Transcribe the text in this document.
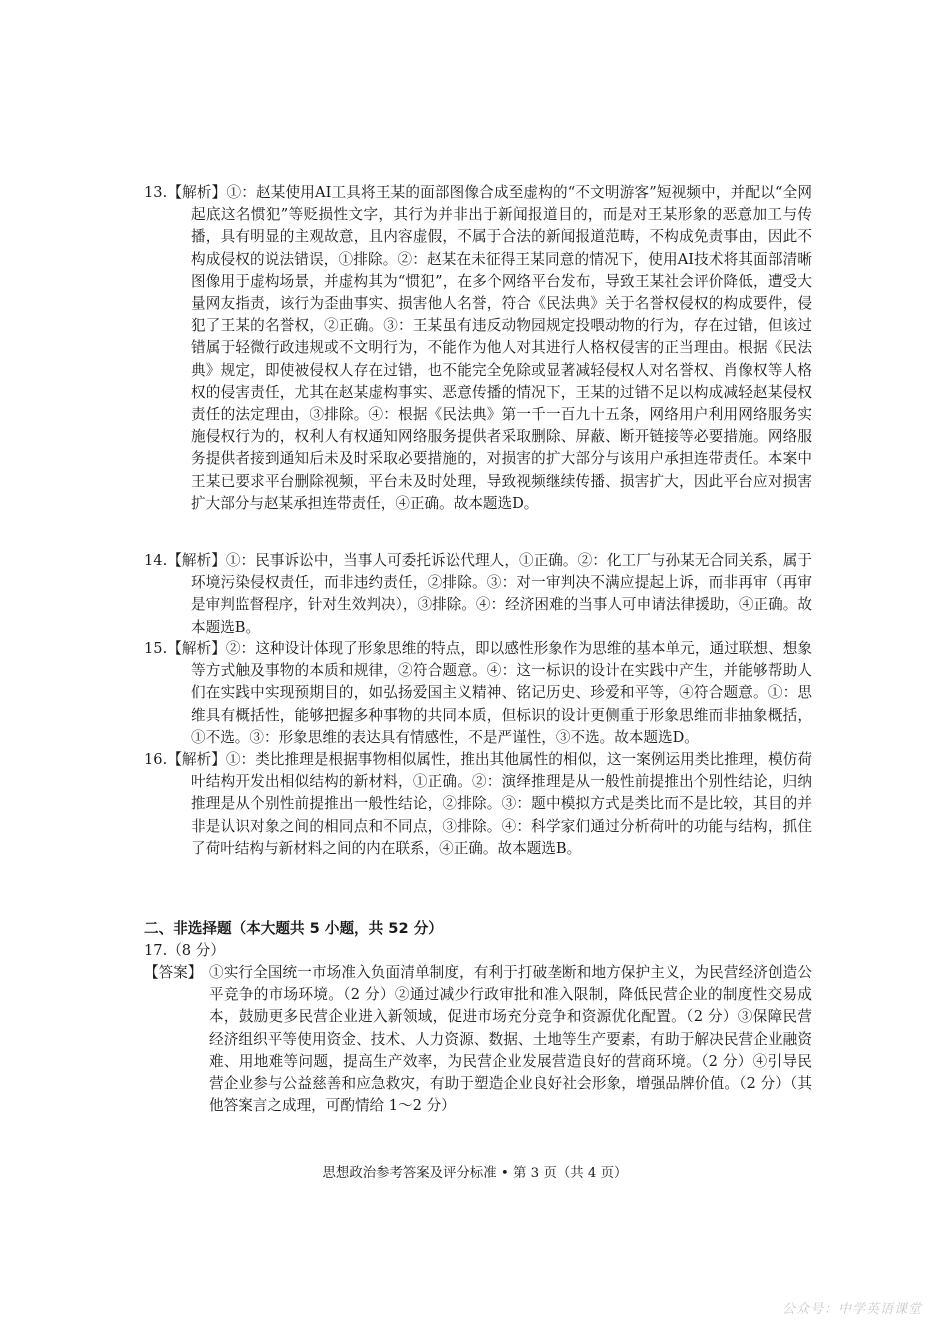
13.【解析】①：赵某使用AI工具将王某的面部图像合成至虚构的“不文明游客”短视频中，并配以“全网起底这名惯犯”等贬损性文字，其行为并非出于新闻报道目的，而是对王某形象的恶意加工与传播，具有明显的主观故意，且内容虚假，不属于合法的新闻报道范畴，不构成免责事由，因此不构成侵权的说法错误，①排除。②：赵某在未征得王某同意的情况下，使用AI技术将其面部清晰图像用于虚构场景，并虚构其为“惯犯”，在多个网络平台发布，导致王某社会评价降低，遭受大量网友指责，该行为歪曲事实、损害他人名誉，符合《民法典》关于名誉权侵权的构成要件，侵犯了王某的名誉权，②正确。③：王某虽有违反动物园规定投喂动物的行为，存在过错，但该过错属于轻微行政违规或不文明行为，不能作为他人对其进行人格权侵害的正当理由。根据《民法典》规定，即使被侵权人存在过错，也不能完全免除或显著减轻侵权人对名誉权、肖像权等人格权的侵害责任，尤其在赵某虚构事实、恶意传播的情况下，王某的过错不足以构成减轻赵某侵权责任的法定理由，③排除。④：根据《民法典》第一千一百九十五条，网络用户利用网络服务实施侵权行为的，权利人有权通知网络服务提供者采取删除、屏蔽、断开链接等必要措施。网络服务提供者接到通知后未及时采取必要措施的，对损害的扩大部分与该用户承担连带责任。本案中王某已要求平台删除视频，平台未及时处理，导致视频继续传播、损害扩大，因此平台应对损害扩大部分与赵某承担连带责任，④正确。故本题选D。
14.【解析】①：民事诉讼中，当事人可委托诉讼代理人，①正确。②：化工厂与孙某无合同关系，属于环境污染侵权责任，而非违约责任，②排除。③：对一审判决不满应提起上诉，而非再审（再审是审判监督程序，针对生效判决），③排除。④：经济困难的当事人可申请法律援助，④正确。故本题选B。
15.【解析】②：这种设计体现了形象思维的特点，即以感性形象作为思维的基本单元，通过联想、想象等方式触及事物的本质和规律，②符合题意。④：这一标识的设计在实践中产生，并能够帮助人们在实践中实现预期目的，如弘扬爱国主义精神、铭记历史、珍爱和平等，④符合题意。①：思维具有概括性，能够把握多种事物的共同本质，但标识的设计更侧重于形象思维而非抽象概括，①不选。③：形象思维的表达具有情感性，不是严谨性，③不选。故本题选D。
16.【解析】①：类比推理是根据事物相似属性，推出其他属性的相似，这一案例运用类比推理，模仿荷叶结构开发出相似结构的新材料，①正确。②：演绎推理是从一般性前提推出个别性结论，归纳推理是从个别性前提推出一般性结论，②排除。③：题中模拟方式是类比而不是比较，其目的并非是认识对象之间的相同点和不同点，③排除。④：科学家们通过分析荷叶的功能与结构，抓住了荷叶结构与新材料之间的内在联系，④正确。故本题选B。
二、非选择题（本大题共 5 小题，共 52 分）
17.（8 分）
【答案】 ①实行全国统一市场准入负面清单制度，有利于打破垄断和地方保护主义，为民营经济创造公平竞争的市场环境。（2 分）②通过减少行政审批和准入限制，降低民营企业的制度性交易成本，鼓励更多民营企业进入新领域，促进市场充分竞争和资源优化配置。（2 分）③保障民营经济组织平等使用资金、技术、人力资源、数据、土地等生产要素，有助于解决民营企业融资难、用地难等问题，提高生产效率，为民营企业发展营造良好的营商环境。（2 分）④引导民营企业参与公益慈善和应急救灾，有助于塑造企业良好社会形象，增强品牌价值。（2 分）（其他答案言之成理，可酌情给 1～2 分）
思想政治参考答案及评分标准 • 第 3 页（共 4 页）
公众号：中学英语课堂
